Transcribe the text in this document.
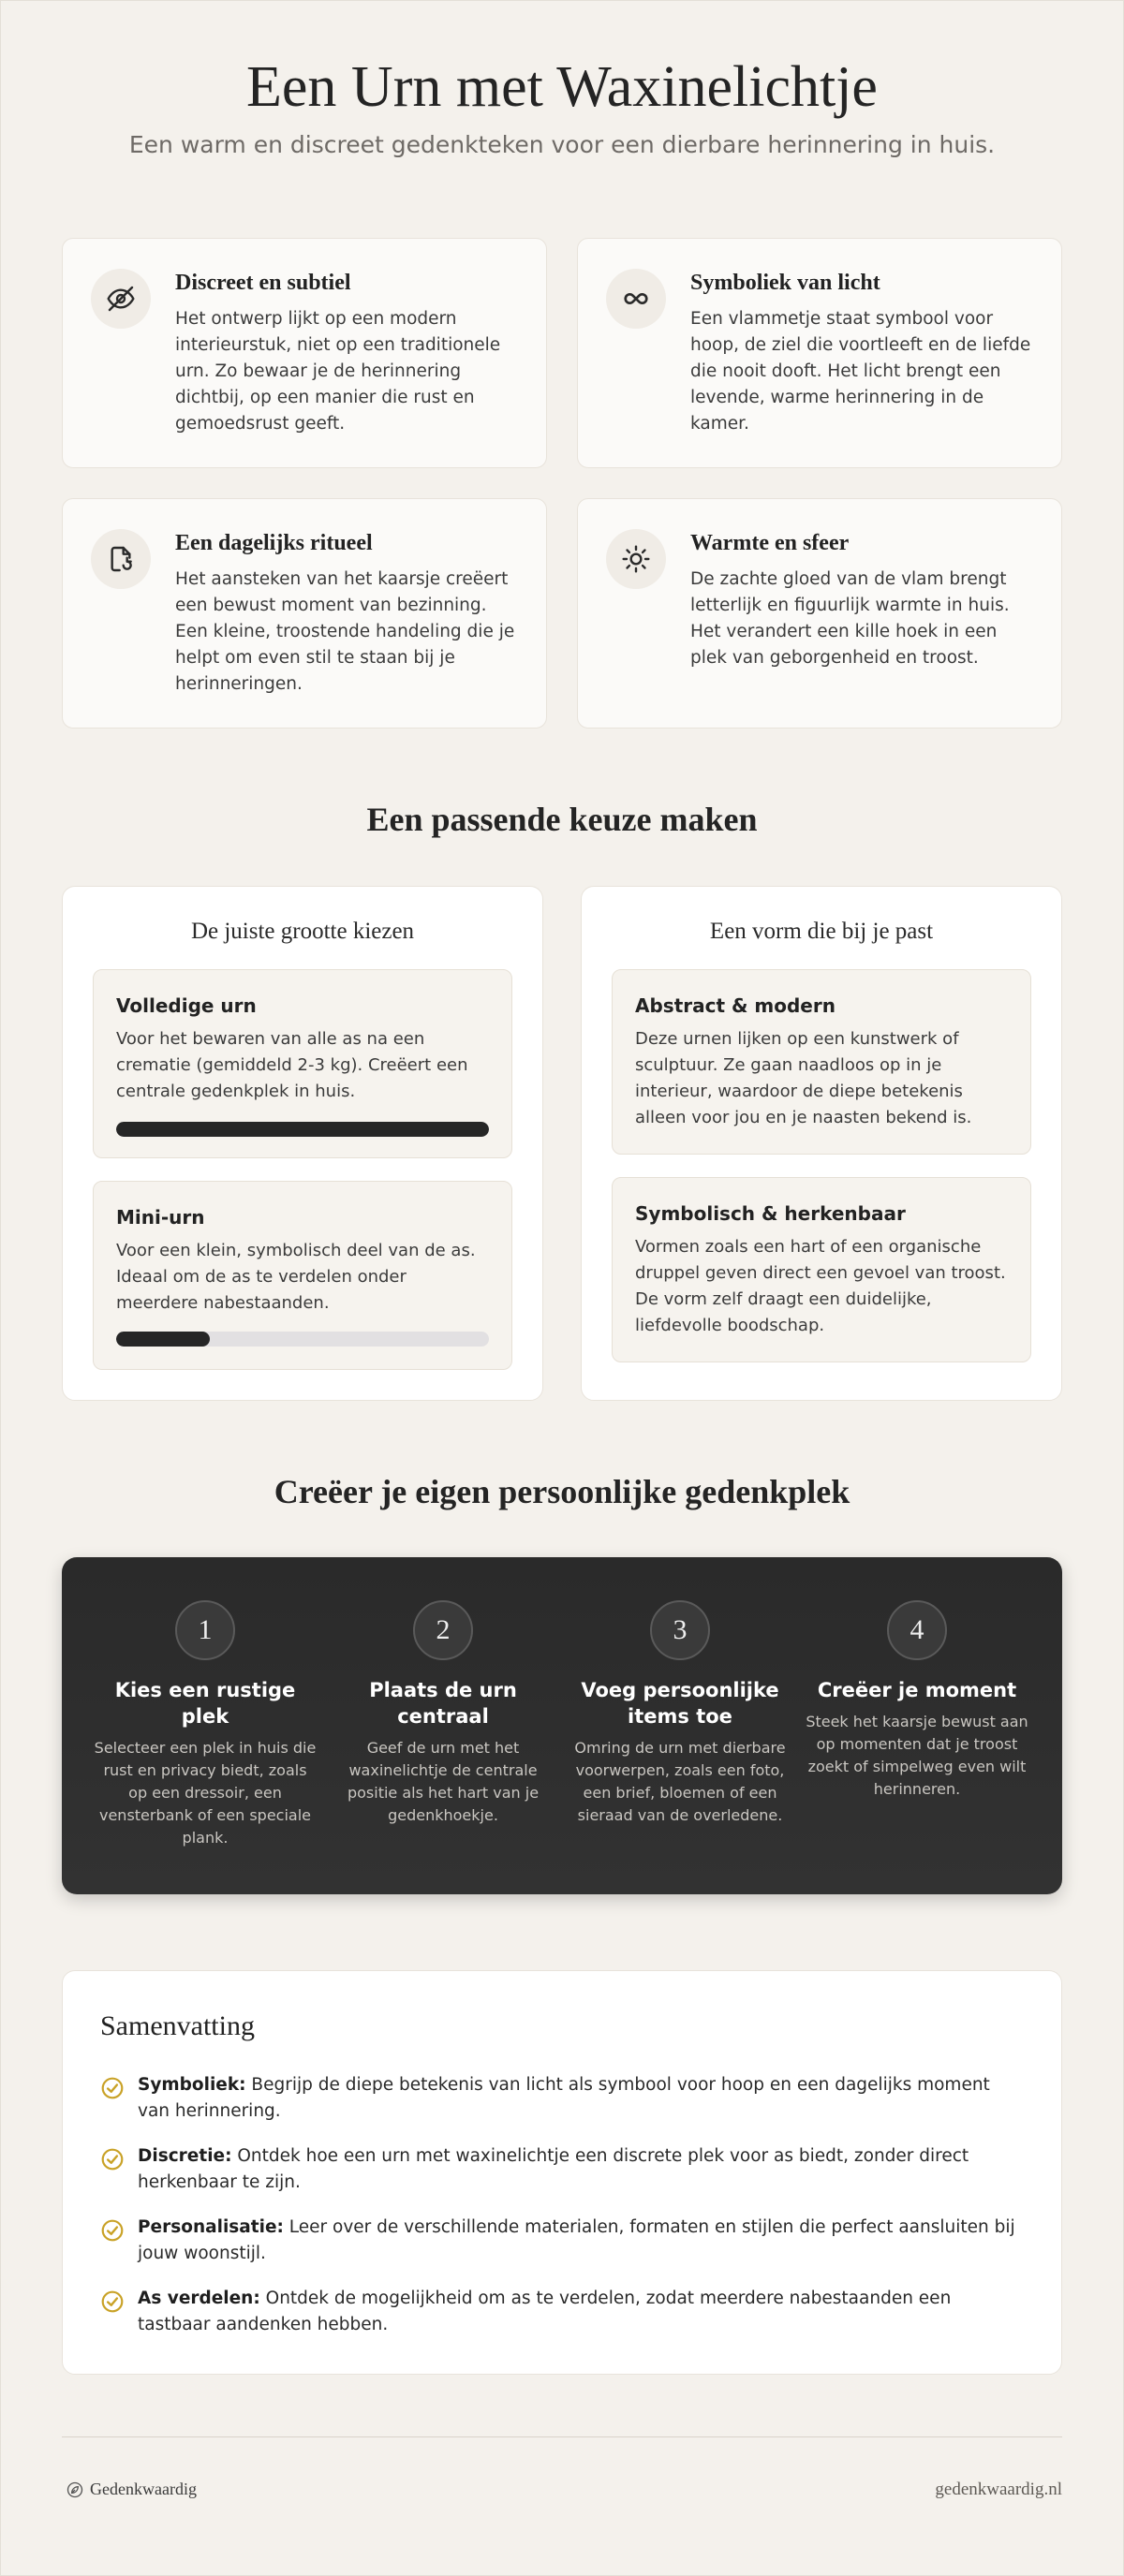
Een Urn met Waxinelichtje

Een warm en discreet gedenkteken voor een dierbare herinnering in huis.

Discreet en subtiel

Het ontwerp lijkt op een modern interieurstuk, niet op een traditionele urn. Zo bewaar je de herinnering dichtbij, op een manier die rust en gemoedsrust geeft.

Symboliek van licht

Een vlammetje staat symbool voor hoop, de ziel die voortleeft en de liefde die nooit dooft. Het licht brengt een levende, warme herinnering in de kamer.

Een dagelijks ritueel

Het aansteken van het kaarsje creëert een bewust moment van bezinning. Een kleine, troostende handeling die je helpt om even stil te staan bij je herinneringen.

Warmte en sfeer

De zachte gloed van de vlam brengt letterlijk en figuurlijk warmte in huis. Het verandert een kille hoek in een plek van geborgenheid en troost.

Een passende keuze maken
De juiste grootte kiezen
Volledige urn

Voor het bewaren van alle as na een crematie (gemiddeld 2-3 kg). Creëert een centrale gedenkplek in huis.

Mini-urn

Voor een klein, symbolisch deel van de as. Ideaal om de as te verdelen onder meerdere nabestaanden.

Een vorm die bij je past
Abstract & modern

Deze urnen lijken op een kunstwerk of sculptuur. Ze gaan naadloos op in je interieur, waardoor de diepe betekenis alleen voor jou en je naasten bekend is.

Symbolisch & herkenbaar

Vormen zoals een hart of een organische druppel geven direct een gevoel van troost. De vorm zelf draagt een duidelijke, liefdevolle boodschap.

Creëer je eigen persoonlijke gedenkplek
1
Kies een rustige plek

Selecteer een plek in huis die rust en privacy biedt, zoals op een dressoir, een vensterbank of een speciale plank.

2
Plaats de urn centraal

Geef de urn met het waxinelichtje de centrale positie als het hart van je gedenkhoekje.

3
Voeg persoonlijke items toe

Omring de urn met dierbare voorwerpen, zoals een foto, een brief, bloemen of een sieraad van de overledene.

4
Creëer je moment

Steek het kaarsje bewust aan op momenten dat je troost zoekt of simpelweg even wilt herinneren.

Samenvatting
Symboliek: Begrijp de diepe betekenis van licht als symbool voor hoop en een dagelijks moment van herinnering.
Discretie: Ontdek hoe een urn met waxinelichtje een discrete plek voor as biedt, zonder direct herkenbaar te zijn.
Personalisatie: Leer over de verschillende materialen, formaten en stijlen die perfect aansluiten bij jouw woonstijl.
As verdelen: Ontdek de mogelijkheid om as te verdelen, zodat meerdere nabestaanden een tastbaar aandenken hebben.
Gedenkwaardig	gedenkwaardig.nl
